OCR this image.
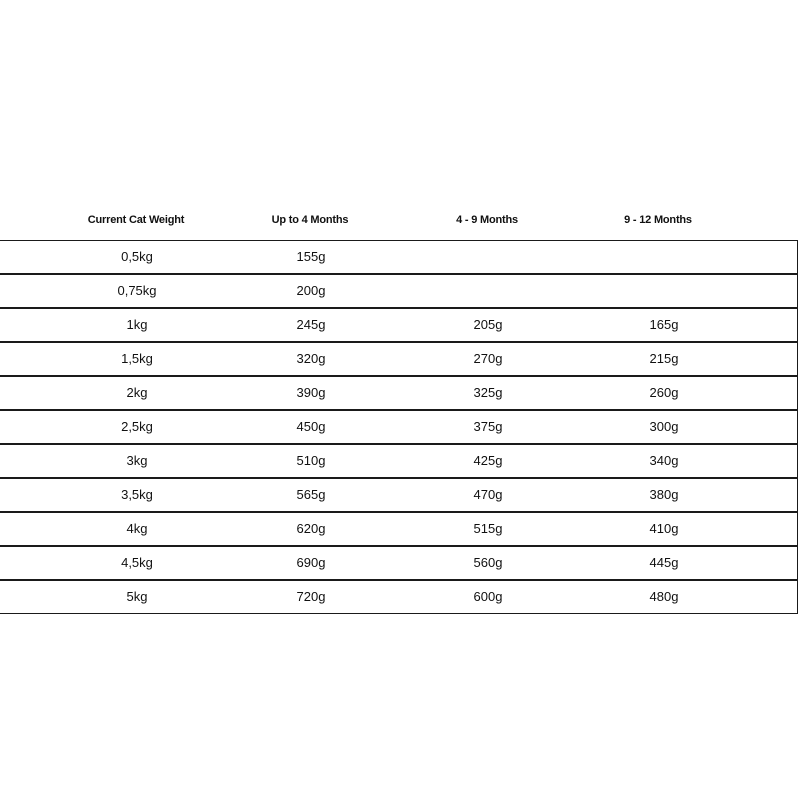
Current Cat Weight	Up to 4 Months	4 - 9 Months	9 - 12 Months
0,5kg	155g
0,75kg	200g
1kg	245g	205g	165g
1,5kg	320g	270g	215g
2kg	390g	325g	260g
2,5kg	450g	375g	300g
3kg	510g	425g	340g
3,5kg	565g	470g	380g
4kg	620g	515g	410g
4,5kg	690g	560g	445g
5kg	720g	600g	480g
